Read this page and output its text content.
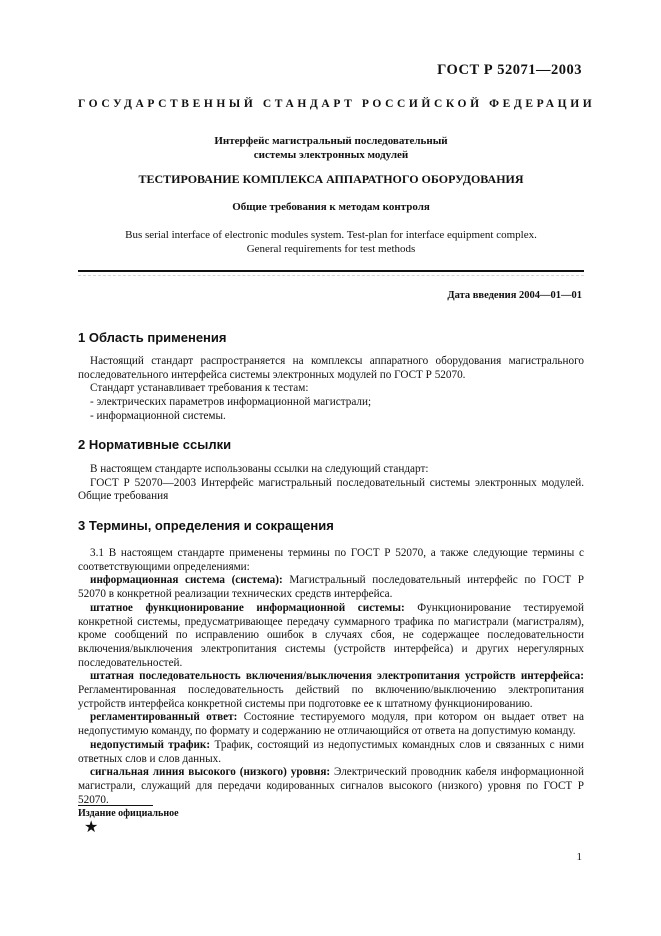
ГОСТ Р 52071—2003
ГОСУДАРСТВЕННЫЙ СТАНДАРТ РОССИЙСКОЙ ФЕДЕРАЦИИ
Интерфейс магистральный последовательный
системы электронных модулей
ТЕСТИРОВАНИЕ КОМПЛЕКСА АППАРАТНОГО ОБОРУДОВАНИЯ
Общие требования к методам контроля
Bus serial interface of electronic modules system. Test-plan for interface equipment complex.
General requirements for test methods
Дата введения 2004—01—01
1 Область применения

Настоящий стандарт распространяется на комплексы аппаратного оборудования магистрального последовательного интерфейса системы электронных модулей по ГОСТ Р 52070.

Стандарт устанавливает требования к тестам:

- электрических параметров информационной магистрали;

- информационной системы.

2 Нормативные ссылки

В настоящем стандарте использованы ссылки на следующий стандарт:

ГОСТ Р 52070—2003 Интерфейс магистральный последовательный системы электронных модулей. Общие требования

3 Термины, определения и сокращения

3.1 В настоящем стандарте применены термины по ГОСТ Р 52070, а также следующие термины с соответствующими определениями:

информационная система (система): Магистральный последовательный интерфейс по ГОСТ Р 52070 в конкретной реализации технических средств интерфейса.

штатное функционирование информационной системы: Функционирование тестируемой конкретной системы, предусматривающее передачу суммарного трафика по магистрали (магистралям), кроме сообщений по исправлению ошибок в случаях сбоя, не содержащее последовательности включения/выключения электропитания системы (устройств интерфейса) и других нерегулярных последовательностей.

штатная последовательность включения/выключения электропитания устройств интерфейса: Регламентированная последовательность действий по включению/выключению электропитания устройств интерфейса конкретной системы при подготовке ее к штатному функционированию.

регламентированный ответ: Состояние тестируемого модуля, при котором он выдает ответ на недопустимую команду, по формату и содержанию не отличающийся от ответа на допустимую команду.

недопустимый трафик: Трафик, состоящий из недопустимых командных слов и связанных с ними ответных слов и слов данных.

сигнальная линия высокого (низкого) уровня: Электрический проводник кабеля информационной магистрали, служащий для передачи кодированных сигналов высокого (низкого) уровня по ГОСТ Р 52070.

Издание официальное
★
1
